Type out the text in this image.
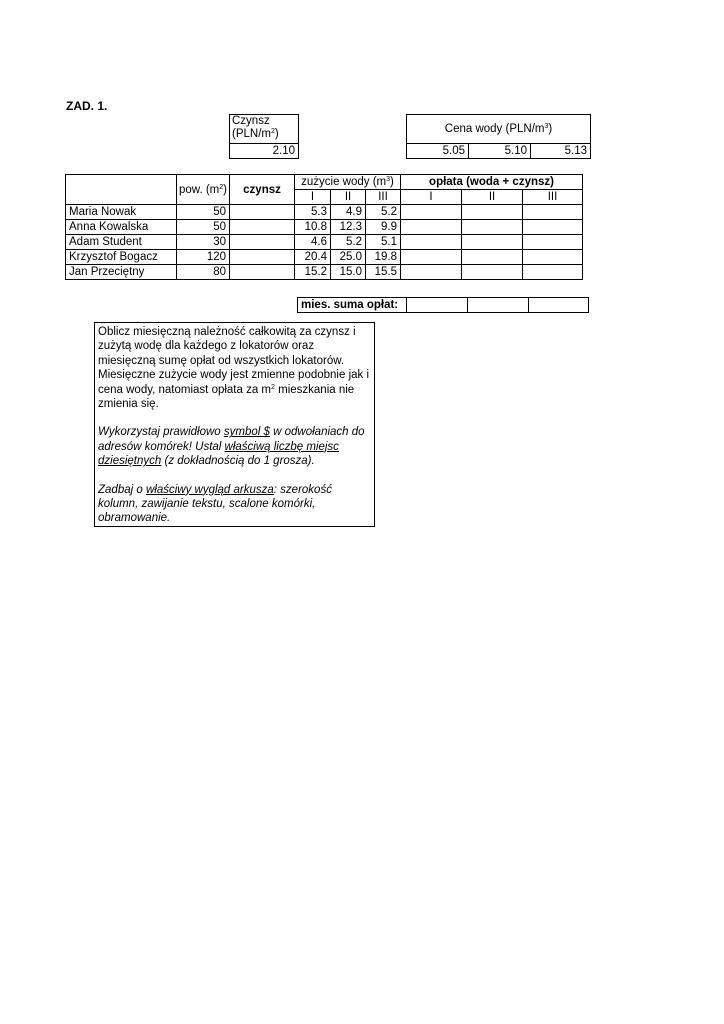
ZAD. 1.
Czynsz
$(PLN/m^2)$
2.10
Cena wody $(PLN/m^3)$
5.05	5.10	5.13
	pow. $(m^2)$	czynsz	zużycie wody $(m^3)$			opłata (woda + czynsz)		
			I	II	III	I	II	III
Maria Nowak	50		5.3	4.9	5.2			
Anna Kowalska	50		10.8	12.3	9.9			
Adam Student	30		4.6	5.2	5.1			
Krzysztof Bogacz	120		20.4	25.0	19.8			
Jan Przeciętny	80		15.2	15.0	15.5			
mies. suma opłat:			

Oblicz miesięczną należność całkowitą za czynsz i zużytą wodę dla każdego z lokatorów oraz miesięczną sumę opłat od wszystkich lokatorów. Miesięczne zużycie wody jest zmienne podobnie jak i cena wody, natomiast opłata za $m^2$ mieszkania nie zmienia się.

Wykorzystaj prawidłowo symbol $ w odwołaniach do adresów komórek! Ustal właściwą liczbę miejsc dziesiętnych (z dokładnością do 1 grosza).

Zadbaj o właściwy wygląd arkusza: szerokość kolumn, zawijanie tekstu, scalone komórki, obramowanie.
